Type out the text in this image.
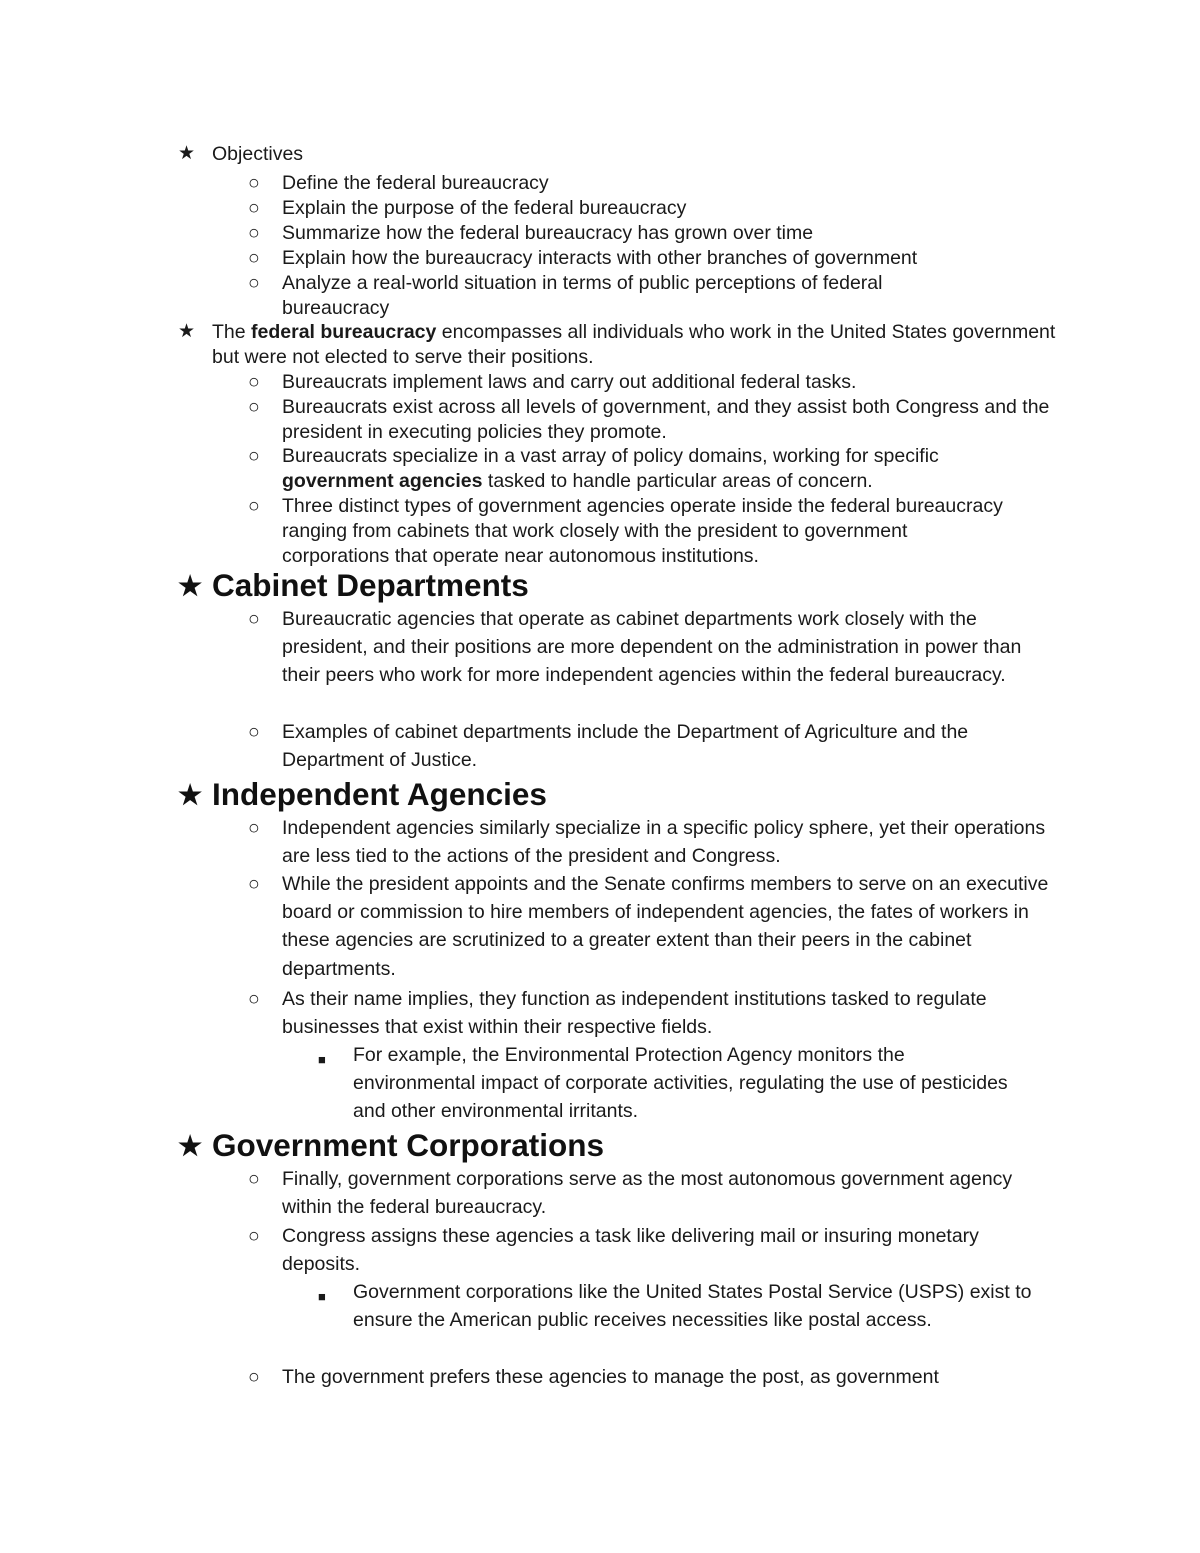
★ Objectives
○ Define the federal bureaucracy
○ Explain the purpose of the federal bureaucracy
○ Summarize how the federal bureaucracy has grown over time
○ Explain how the bureaucracy interacts with other branches of government
○ Analyze a real-world situation in terms of public perceptions of federal bureaucracy
★ The federal bureaucracy encompasses all individuals who work in the United States government but were not elected to serve their positions.
○ Bureaucrats implement laws and carry out additional federal tasks.
○ Bureaucrats exist across all levels of government, and they assist both Congress and the president in executing policies they promote.
○ Bureaucrats specialize in a vast array of policy domains, working for specific government agencies tasked to handle particular areas of concern.
○ Three distinct types of government agencies operate inside the federal bureaucracy ranging from cabinets that work closely with the president to government corporations that operate near autonomous institutions.
★ Cabinet Departments
○ Bureaucratic agencies that operate as cabinet departments work closely with the president, and their positions are more dependent on the administration in power than their peers who work for more independent agencies within the federal bureaucracy.
○ Examples of cabinet departments include the Department of Agriculture and the Department of Justice.
★ Independent Agencies
○ Independent agencies similarly specialize in a specific policy sphere, yet their operations are less tied to the actions of the president and Congress.
○ While the president appoints and the Senate confirms members to serve on an executive board or commission to hire members of independent agencies, the fates of workers in these agencies are scrutinized to a greater extent than their peers in the cabinet departments.
○ As their name implies, they function as independent institutions tasked to regulate businesses that exist within their respective fields.
■ For example, the Environmental Protection Agency monitors the environmental impact of corporate activities, regulating the use of pesticides and other environmental irritants.
★ Government Corporations
○ Finally, government corporations serve as the most autonomous government agency within the federal bureaucracy.
○ Congress assigns these agencies a task like delivering mail or insuring monetary deposits.
■ Government corporations like the United States Postal Service (USPS) exist to ensure the American public receives necessities like postal access.
○ The government prefers these agencies to manage the post, as government
